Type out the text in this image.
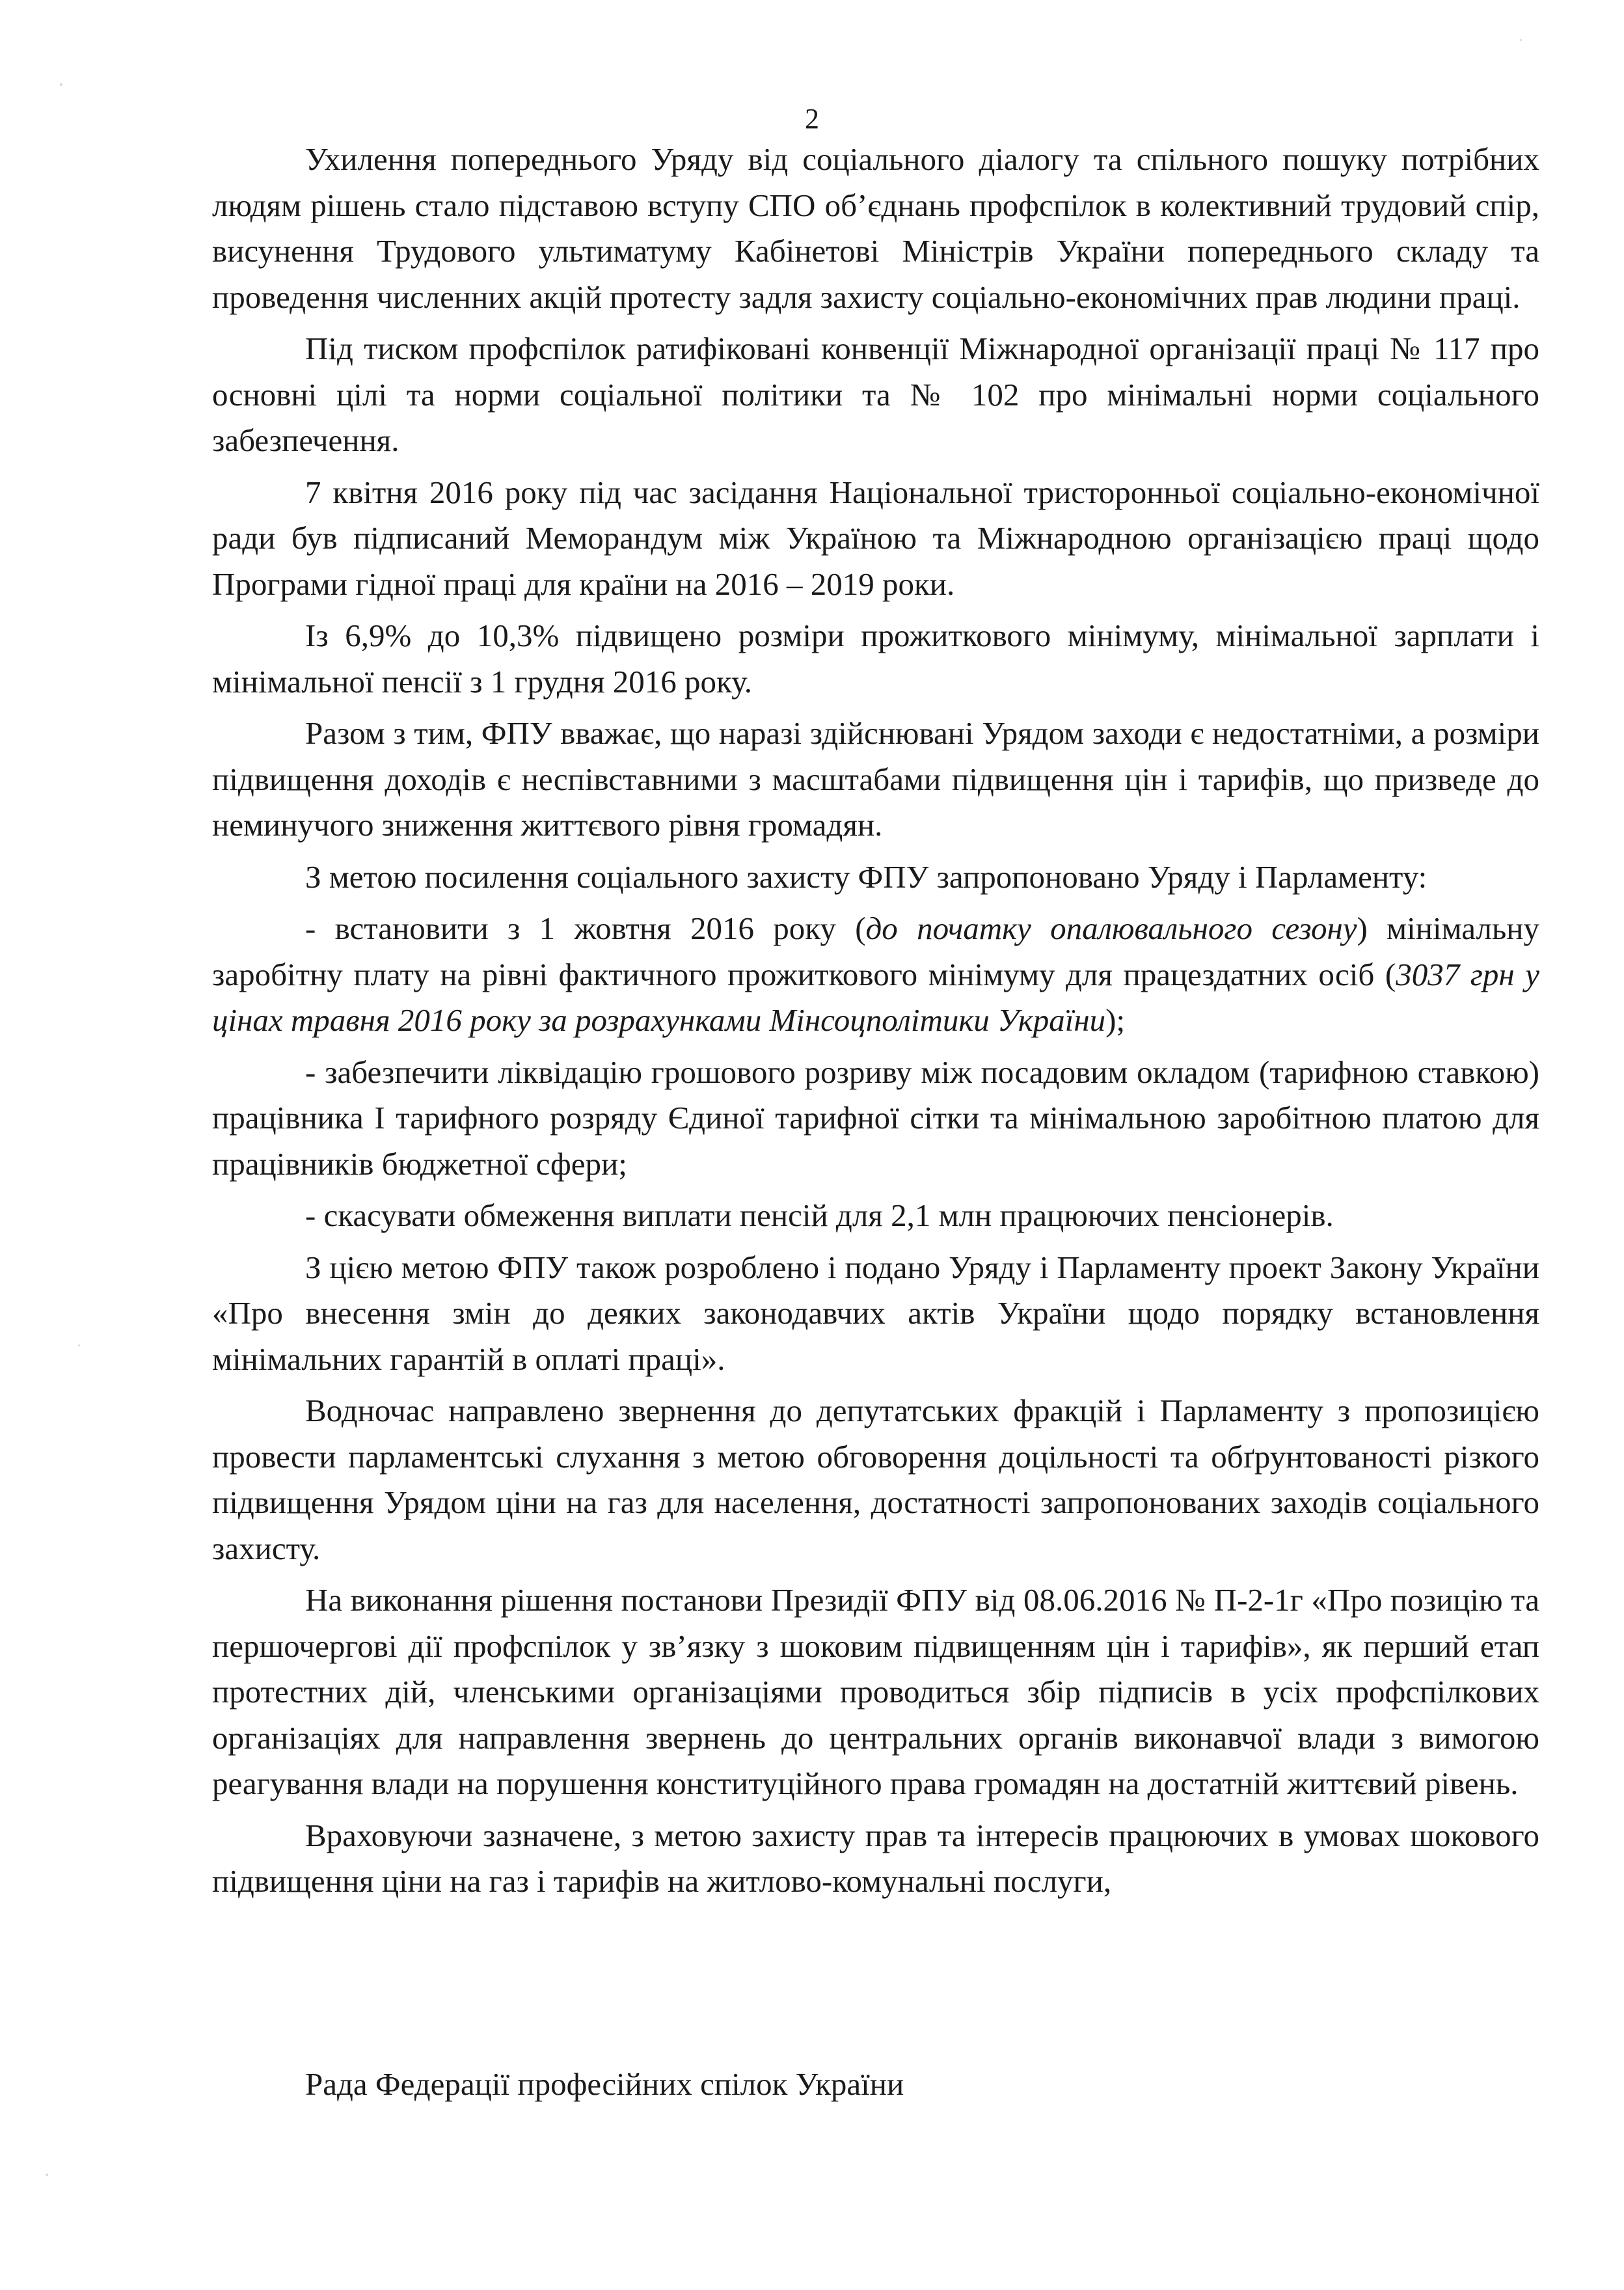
2

Ухилення попереднього Уряду від соціального діалогу та спільного пошуку потрібних людям рішень стало підставою вступу СПО об’єднань профспілок в колективний трудовий спір, висунення Трудового ультиматуму Кабінетові Міністрів України попереднього складу та проведення численних акцій протесту задля захисту соціально-економічних прав людини праці.

Під тиском профспілок ратифіковані конвенції Міжнародної організації праці № 117 про основні цілі та норми соціальної політики та № 102 про мінімальні норми соціального забезпечення.

7 квітня 2016 року під час засідання Національної тристоронньої соціально-економічної ради був підписаний Меморандум між Україною та Міжнародною організацією праці щодо Програми гідної праці для країни на 2016 – 2019 роки.

Із 6,9% до 10,3% підвищено розміри прожиткового мінімуму, мінімальної зарплати і мінімальної пенсії з 1 грудня 2016 року.

Разом з тим, ФПУ вважає, що наразі здійснювані Урядом заходи є недостатніми, а розміри підвищення доходів є неспівставними з масштабами підвищення цін і тарифів, що призведе до неминучого зниження життєвого рівня громадян.

З метою посилення соціального захисту ФПУ запропоновано Уряду і Парламенту:

- встановити з 1 жовтня 2016 року (до початку опалювального сезону) мінімальну заробітну плату на рівні фактичного прожиткового мінімуму для працездатних осіб (3037 грн у цінах травня 2016 року за розрахунками Мінсоцполітики України);

- забезпечити ліквідацію грошового розриву між посадовим окладом (тарифною ставкою) працівника І тарифного розряду Єдиної тарифної сітки та мінімальною заробітною платою для працівників бюджетної сфери;

- скасувати обмеження виплати пенсій для 2,1 млн працюючих пенсіонерів.

З цією метою ФПУ також розроблено і подано Уряду і Парламенту проект Закону України «Про внесення змін до деяких законодавчих актів України щодо порядку встановлення мінімальних гарантій в оплаті праці».

Водночас направлено звернення до депутатських фракцій і Парламенту з пропозицією провести парламентські слухання з метою обговорення доцільності та обґрунтованості різкого підвищення Урядом ціни на газ для населення, достатності запропонованих заходів соціального захисту.

На виконання рішення постанови Президії ФПУ від 08.06.2016 № П-2-1г «Про позицію та першочергові дії профспілок у зв’язку з шоковим підвищенням цін і тарифів», як перший етап протестних дій, членськими організаціями проводиться збір підписів в усіх профспілкових організаціях для направлення звернень до центральних органів виконавчої влади з вимогою реагування влади на порушення конституційного права громадян на достатній життєвий рівень.

Враховуючи зазначене, з метою захисту прав та інтересів працюючих в умовах шокового підвищення ціни на газ і тарифів на житлово-комунальні послуги,

Рада Федерації професійних спілок України
